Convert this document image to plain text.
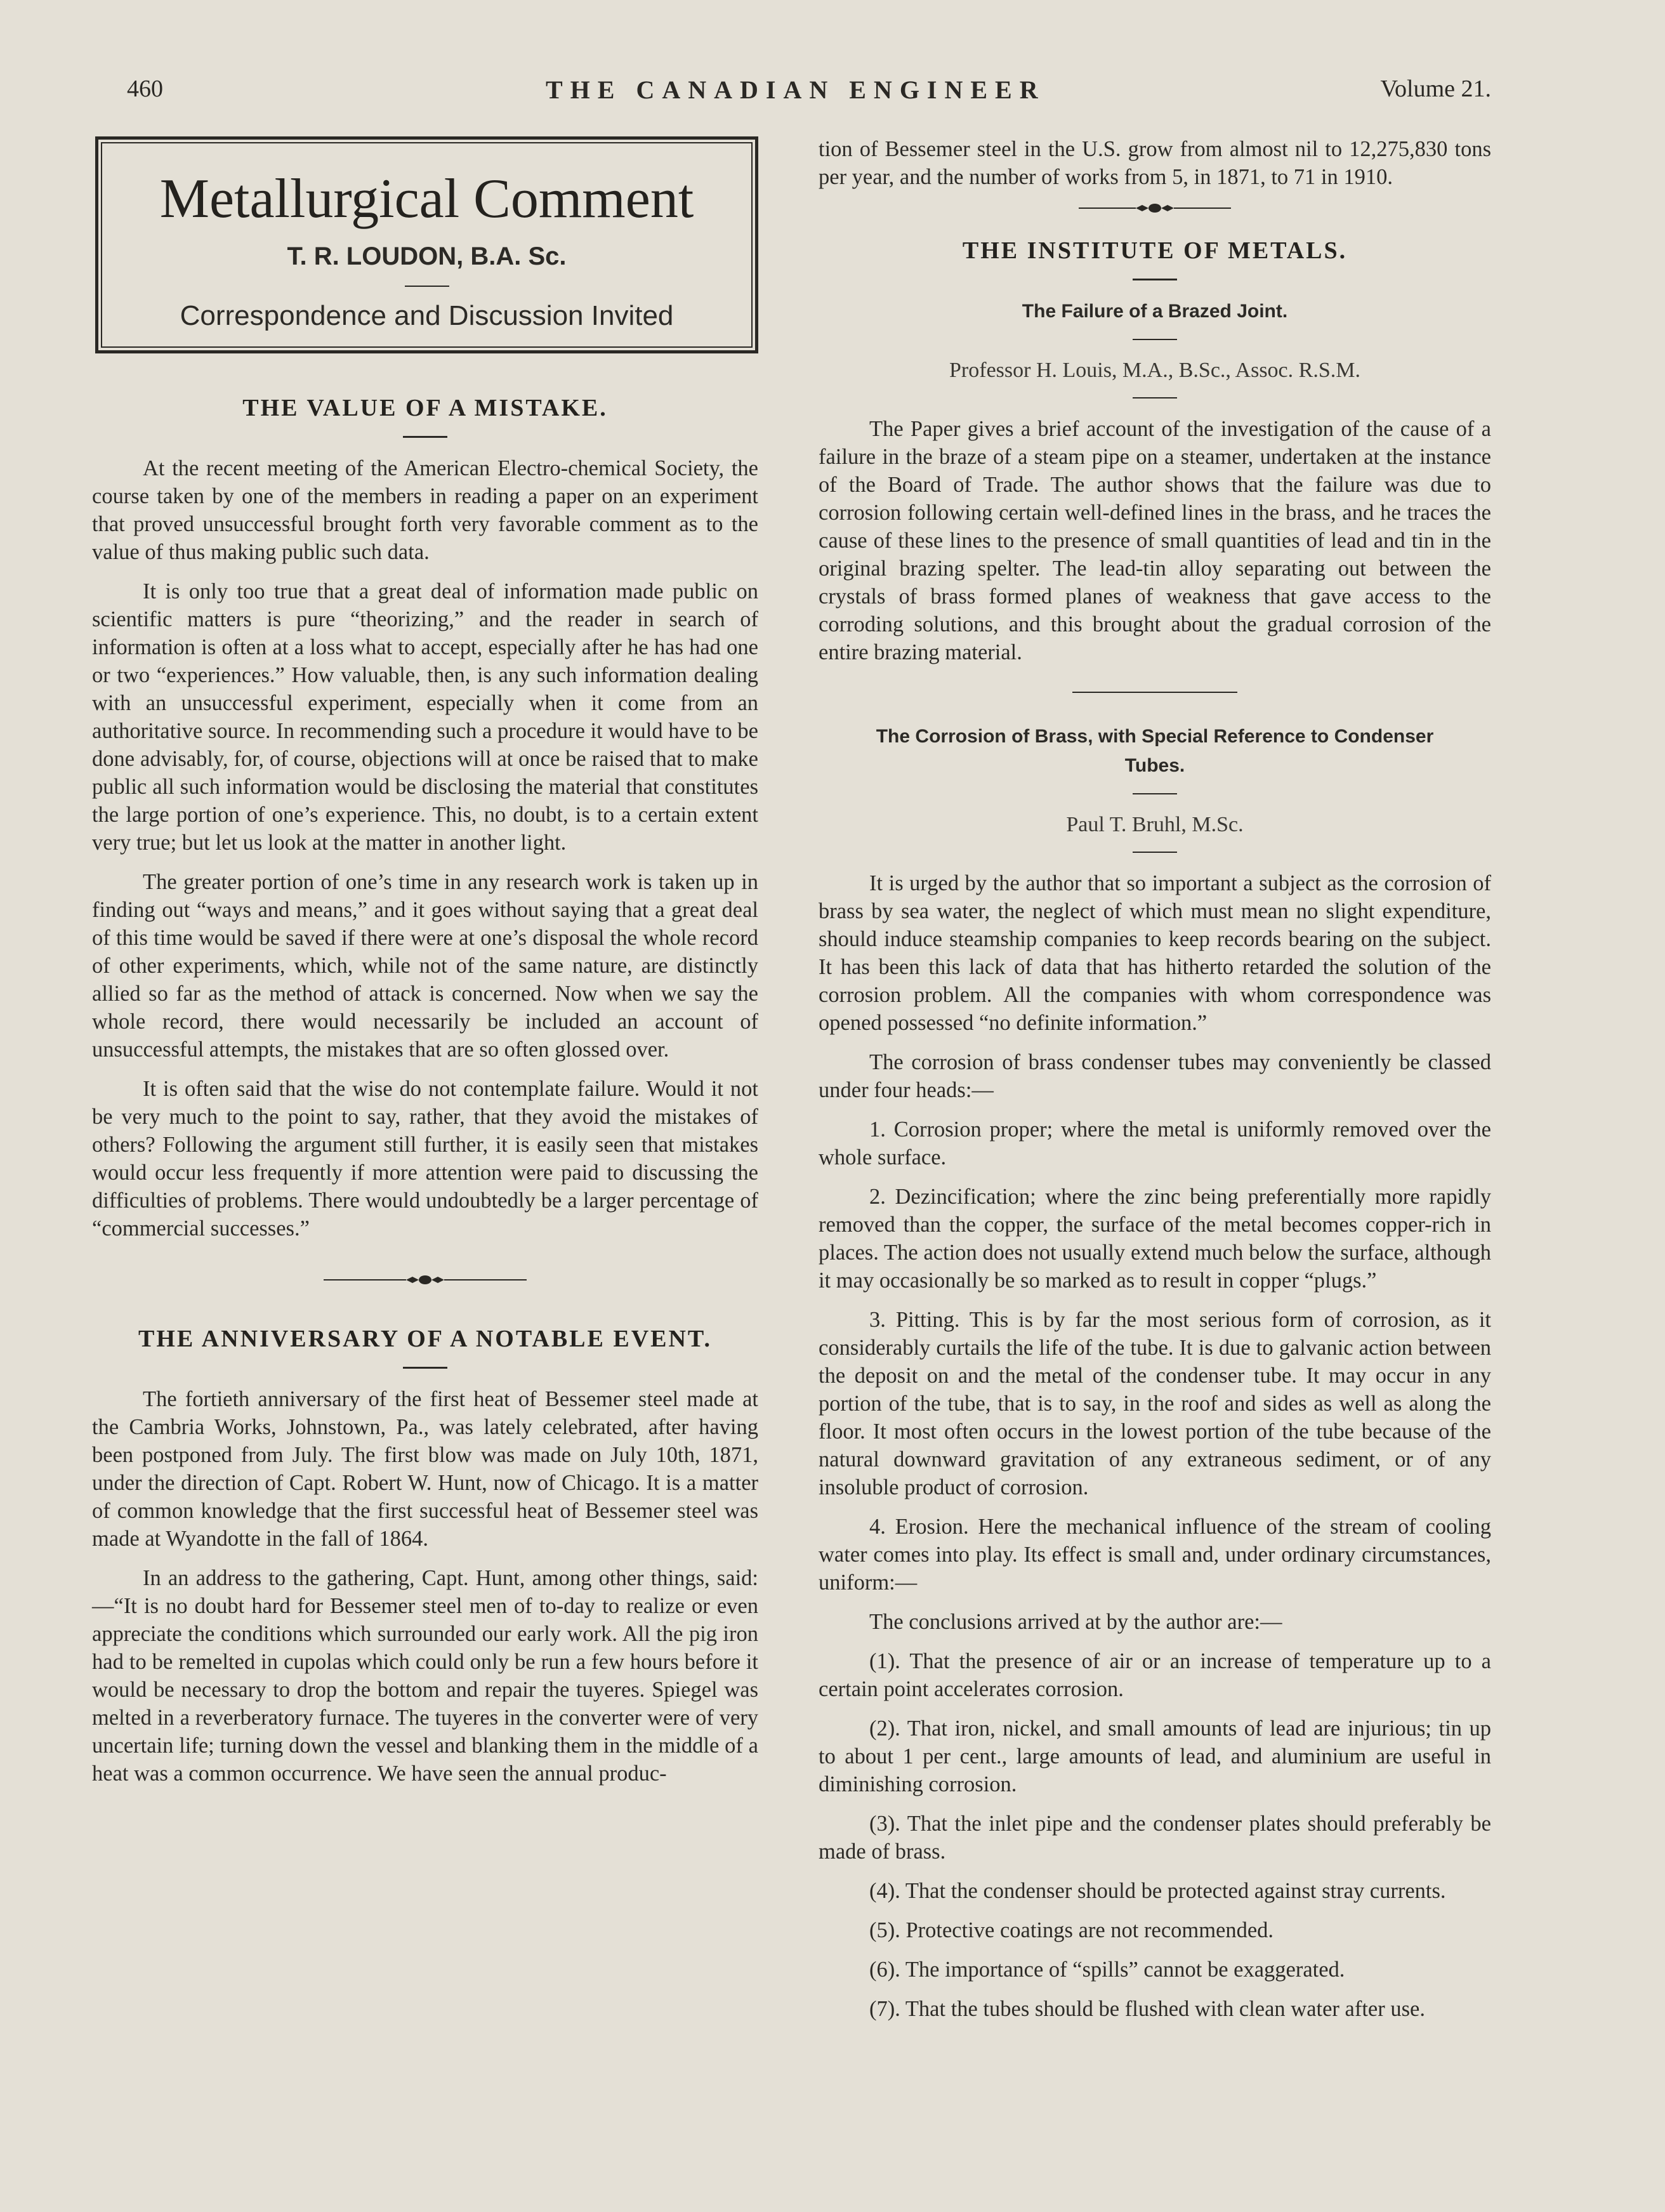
460	THE CANADIAN ENGINEER	Volume 21.
Metallurgical Comment
T. R. LOUDON, B.A. Sc.
Correspondence and Discussion Invited
THE VALUE OF A MISTAKE.

At the recent meeting of the American Electro-chemical Society, the course taken by one of the members in reading a paper on an experiment that proved unsuccessful brought forth very favorable comment as to the value of thus making public such data.

It is only too true that a great deal of information made public on scientific matters is pure “theorizing,” and the reader in search of information is often at a loss what to accept, especially after he has had one or two “experiences.” How valuable, then, is any such information dealing with an unsuccessful experiment, especially when it come from an authoritative source. In recommending such a procedure it would have to be done advisably, for, of course, objections will at once be raised that to make public all such information would be disclosing the material that constitutes the large portion of one’s experience. This, no doubt, is to a certain extent very true; but let us look at the matter in another light.

The greater portion of one’s time in any research work is taken up in finding out “ways and means,” and it goes without saying that a great deal of this time would be saved if there were at one’s disposal the whole record of other experiments, which, while not of the same nature, are distinctly allied so far as the method of attack is concerned. Now when we say the whole record, there would necessarily be included an account of unsuccessful attempts, the mistakes that are so often glossed over.

It is often said that the wise do not contemplate failure. Would it not be very much to the point to say, rather, that they avoid the mistakes of others? Following the argument still further, it is easily seen that mistakes would occur less frequently if more attention were paid to discussing the difficulties of problems. There would undoubtedly be a larger percentage of “commercial successes.”

THE ANNIVERSARY OF A NOTABLE EVENT.

The fortieth anniversary of the first heat of Bessemer steel made at the Cambria Works, Johnstown, Pa., was lately celebrated, after having been postponed from July. The first blow was made on July 10th, 1871, under the direction of Capt. Robert W. Hunt, now of Chicago. It is a matter of common knowledge that the first successful heat of Bessemer steel was made at Wyandotte in the fall of 1864.

In an address to the gathering, Capt. Hunt, among other things, said:—“It is no doubt hard for Bessemer steel men of to-day to realize or even appreciate the conditions which surrounded our early work. All the pig iron had to be remelted in cupolas which could only be run a few hours before it would be necessary to drop the bottom and repair the tuyeres. Spiegel was melted in a reverberatory furnace. The tuyeres in the converter were of very uncertain life; turning down the vessel and blanking them in the middle of a heat was a common occurrence. We have seen the annual produc-

tion of Bessemer steel in the U.S. grow from almost nil to 12,275,830 tons per year, and the number of works from 5, in 1871, to 71 in 1910.

THE INSTITUTE OF METALS.
The Failure of a Brazed Joint.
Professor H. Louis, M.A., B.Sc., Assoc. R.S.M.

The Paper gives a brief account of the investigation of the cause of a failure in the braze of a steam pipe on a steamer, undertaken at the instance of the Board of Trade. The author shows that the failure was due to corrosion following certain well-defined lines in the brass, and he traces the cause of these lines to the presence of small quantities of lead and tin in the original brazing spelter. The lead-tin alloy separating out between the crystals of brass formed planes of weakness that gave access to the corroding solutions, and this brought about the gradual corrosion of the entire brazing material.

The Corrosion of Brass, with Special Reference to Condenser Tubes.
Paul T. Bruhl, M.Sc.

It is urged by the author that so important a subject as the corrosion of brass by sea water, the neglect of which must mean no slight expenditure, should induce steamship companies to keep records bearing on the subject. It has been this lack of data that has hitherto retarded the solution of the corrosion problem. All the companies with whom correspondence was opened possessed “no definite information.”

The corrosion of brass condenser tubes may conveniently be classed under four heads:—

1. Corrosion proper; where the metal is uniformly removed over the whole surface.

2. Dezincification; where the zinc being preferentially more rapidly removed than the copper, the surface of the metal becomes copper-rich in places. The action does not usually extend much below the surface, although it may occasionally be so marked as to result in copper “plugs.”

3. Pitting. This is by far the most serious form of corrosion, as it considerably curtails the life of the tube. It is due to galvanic action between the deposit on and the metal of the condenser tube. It may occur in any portion of the tube, that is to say, in the roof and sides as well as along the floor. It most often occurs in the lowest portion of the tube because of the natural downward gravitation of any extraneous sediment, or of any insoluble product of corrosion.

4. Erosion. Here the mechanical influence of the stream of cooling water comes into play. Its effect is small and, under ordinary circumstances, uniform:—

The conclusions arrived at by the author are:—

(1). That the presence of air or an increase of temperature up to a certain point accelerates corrosion.

(2). That iron, nickel, and small amounts of lead are injurious; tin up to about 1 per cent., large amounts of lead, and aluminium are useful in diminishing corrosion.

(3). That the inlet pipe and the condenser plates should preferably be made of brass.

(4). That the condenser should be protected against stray currents.

(5). Protective coatings are not recommended.

(6). The importance of “spills” cannot be exaggerated.

(7). That the tubes should be flushed with clean water after use.
